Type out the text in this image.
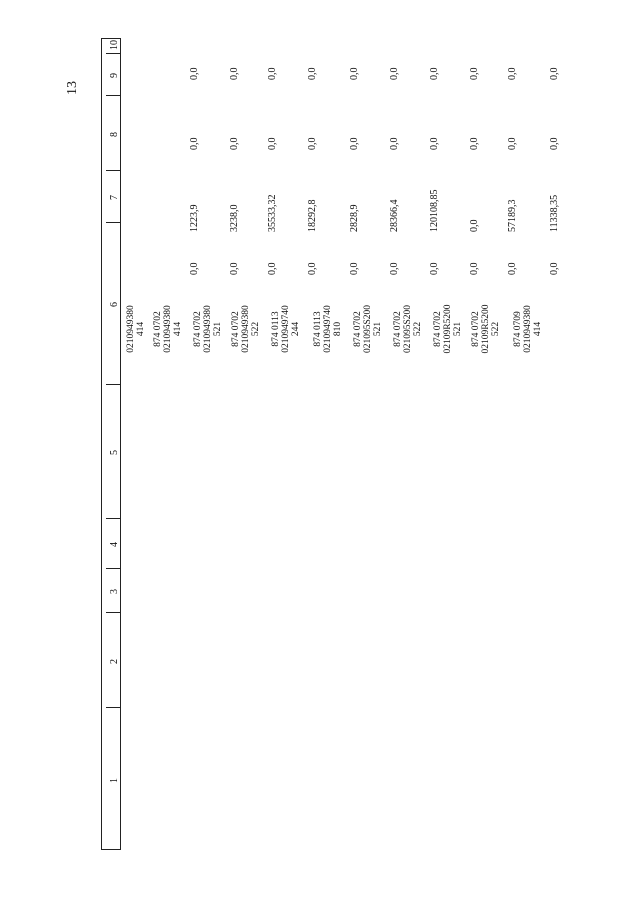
13
1
2
3
4
5
6
7
8
9
10
0210949380 414 874 0702 0210949380 414
0,0
1223,9
0,0
0,0
874 0702 0210949380 521
0,0
3238,0
0,0
0,0
874 0702 0210949380 522
0,0
35533,32
0,0
0,0
874 0113 0210949740 244
0,0
18292,8
0,0
0,0
874 0113 0210949740 810
0,0
2828,9
0,0
0,0
874 0702 021095S200 521
0,0
28366,4
0,0
0,0
874 0702 021095S200 522
0,0
120108,85
0,0
0,0
874 0702 02109R5200 521
0,0
0,0
0,0
0,0
874 0702 02109R5200 522
0,0
57189,3
0,0
0,0
874 0709 0210949380 414
0,0
11338,35
0,0
0,0
